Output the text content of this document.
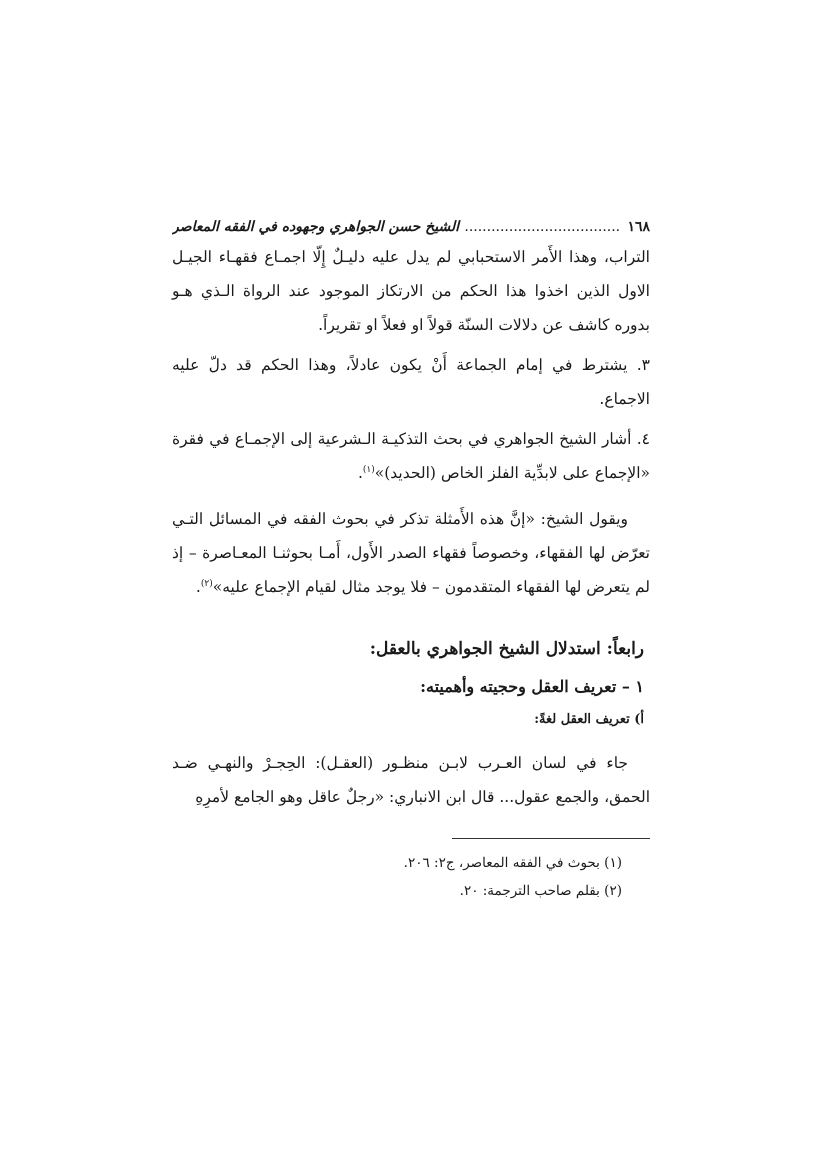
١٦٨
...................................
الشيخ حسن الجواهري وجهوده في الفقه المعاصر

التراب، وهذا الأَمر الاستحبابي لم يدل عليه دليـلٌ إِلّا اجمـاع فقهـاء الجيـل الاول الذين اخذوا هذا الحكم من الارتكاز الموجود عند الرواة الـذي هـو بدوره كاشف عن دلالات السنّة قولاً او فعلاً او تقريراً.

٣. يشترط في إمام الجماعة أَنْ يكون عادلاً، وهذا الحكم قد دلّ عليه الاجماع.

٤. أشار الشيخ الجواهري في بحث التذكيـة الـشرعية إلى الإجمـاع في فقرة «الإجماع على لابدِّية الفلز الخاص (الحديد)»$^{(١)}$.

ويقول الشيخ: «إنَّ هذه الأَمثلة تذكر في بحوث الفقه في المسائل التـي تعرّض لها الفقهاء، وخصوصاً فقهاء الصدر الأَول، أَمـا بحوثنـا المعـاصرة – إذ لم يتعرض لها الفقهاء المتقدمون – فلا يوجد مثال لقيام الإجماع عليه»$^{(٢)}$.

رابعاً: استدلال الشيخ الجواهري بالعقل:
١ – تعريف العقل وحجيته وأهميته:
أ) تعريف العقل لغةً:

جاء في لسان العـرب لابـن منظـور (العقـل): الحِجـرْ والنهـي ضـد الحمق، والجمع عقول... قال ابن الانباري: «رجلٌ عاقل وهو الجامع لأمرِهِ

(١) بحوث في الفقه المعاصر، ج٢: ٢٠٦.

(٢) بقلم صاحب الترجمة: ٢٠.
